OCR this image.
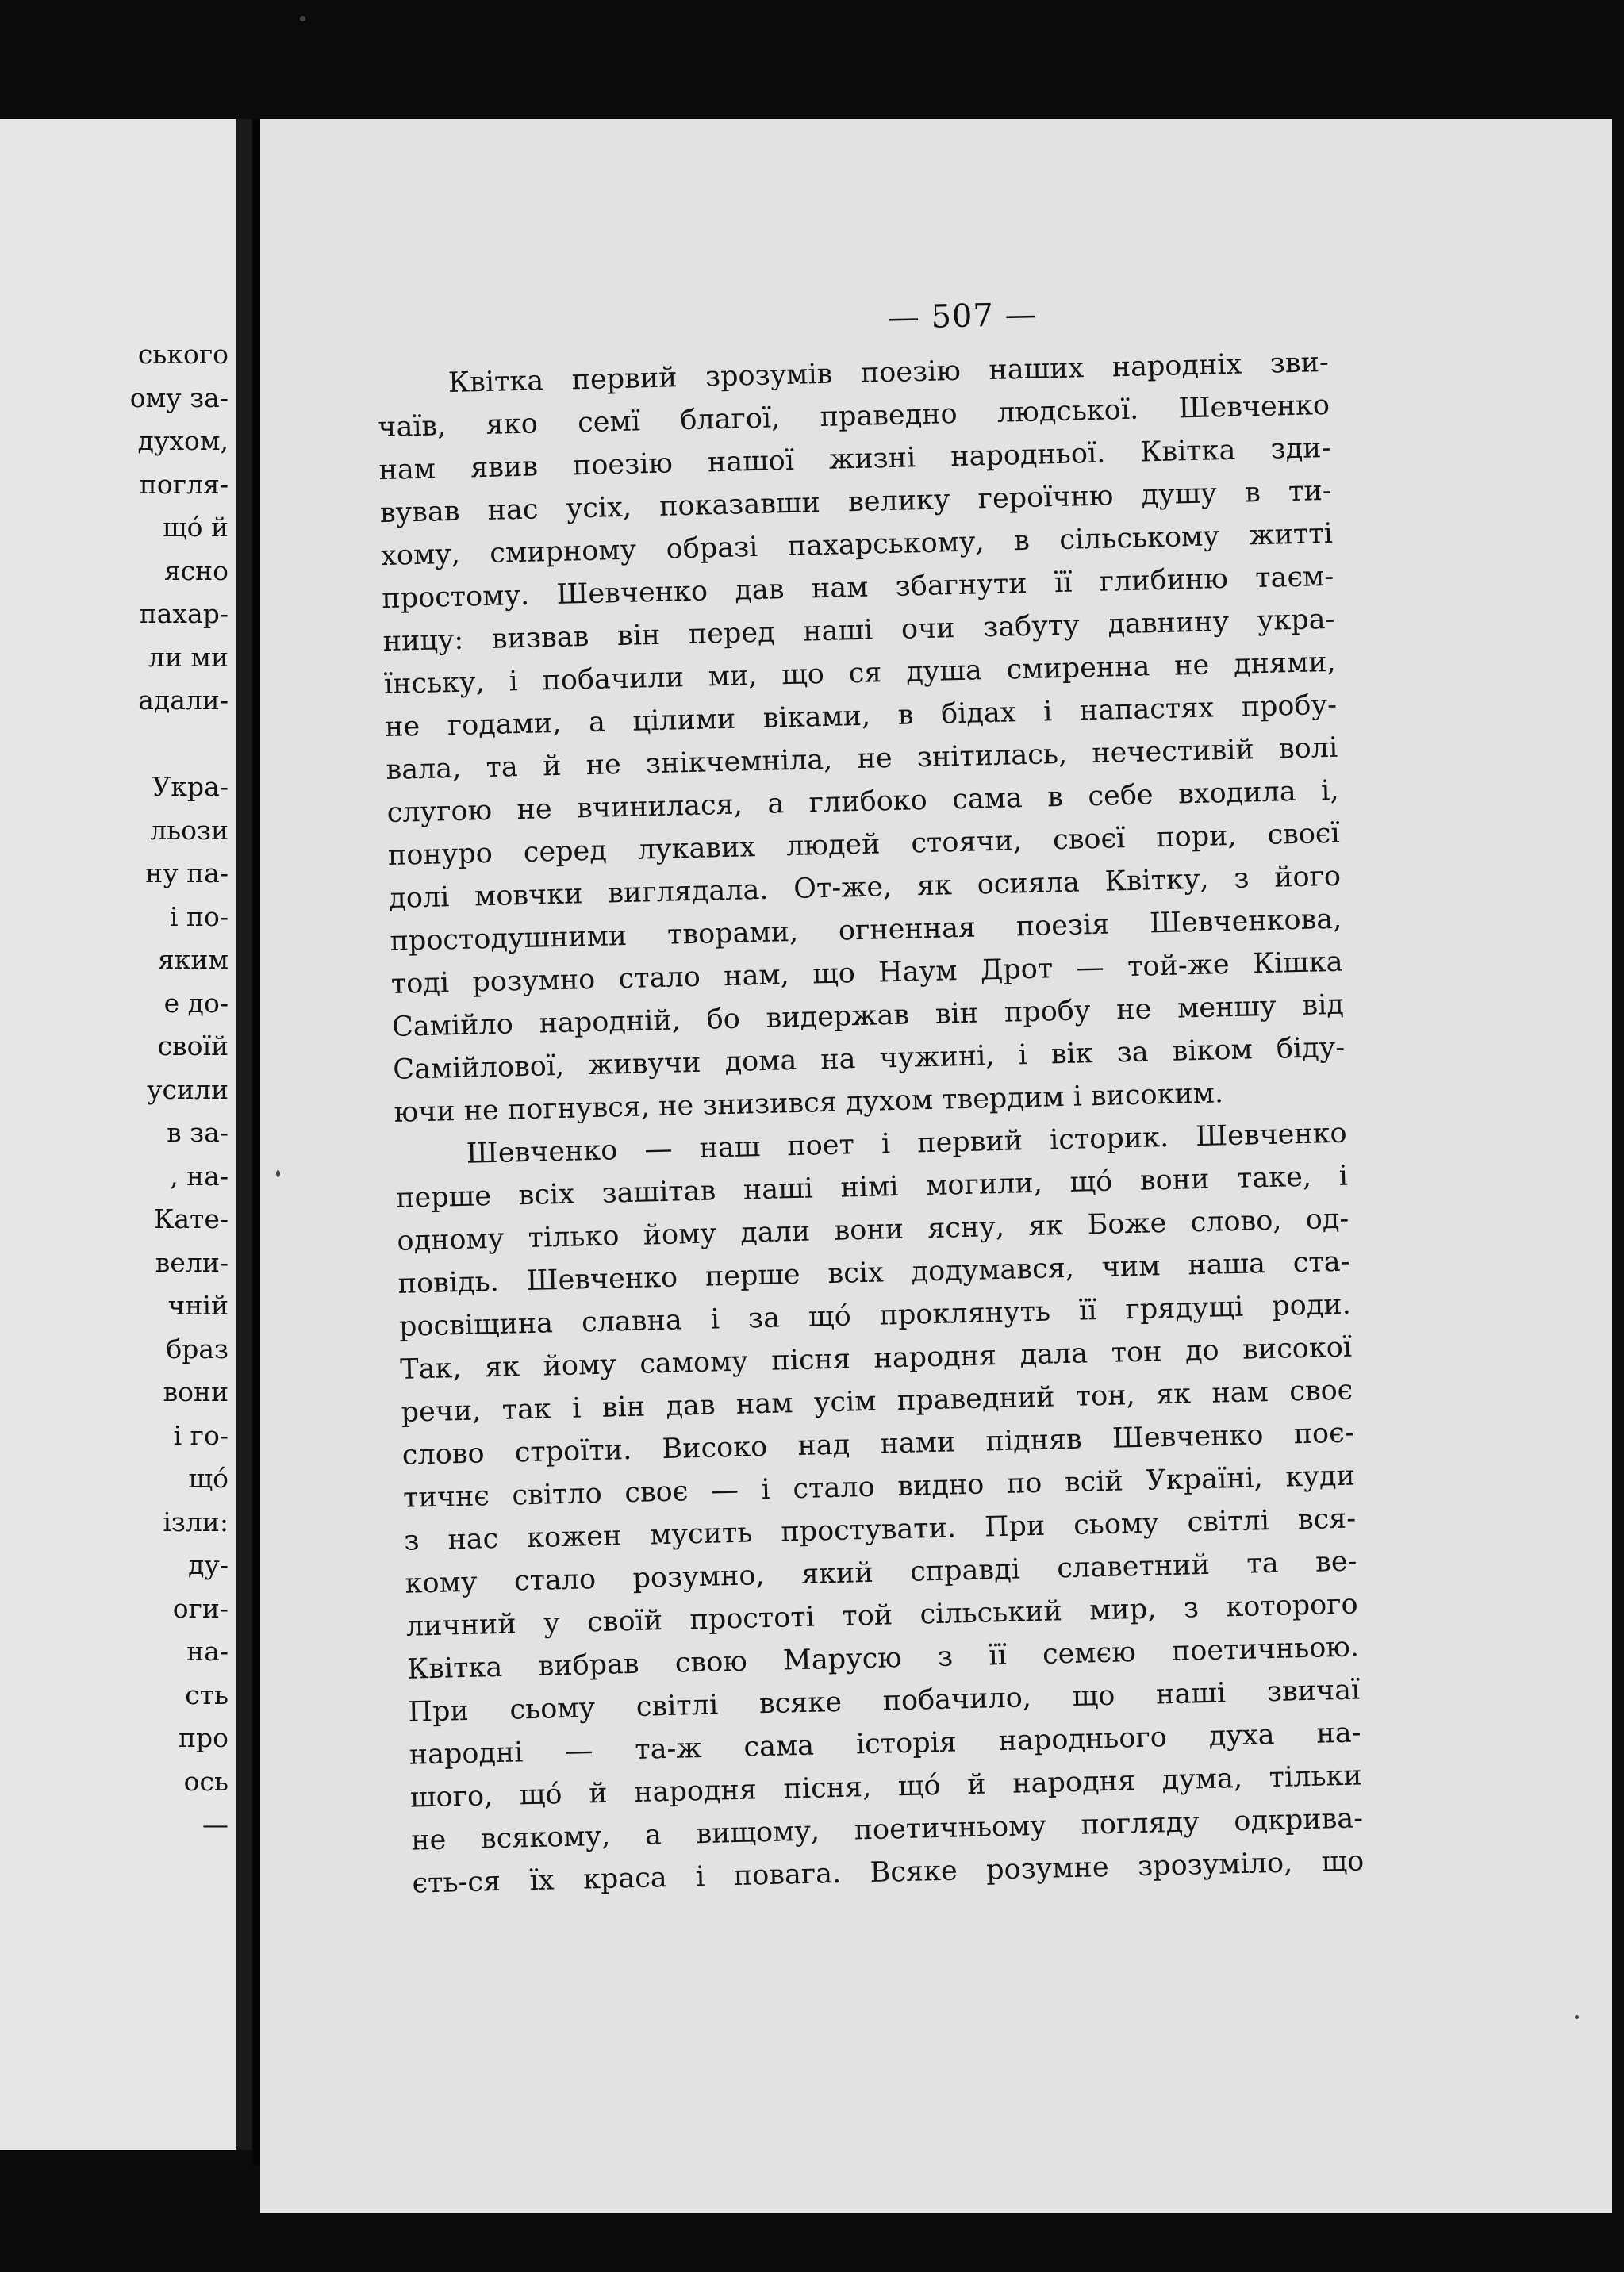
ського
ому за-
духом,
погля-
щó й
ясно
пахар-
ли ми
адали-
Укра-
льози
ну па-
і по-
яким
е до-
своїй
усили
в за-
, на-
Кате-
вели-
чній
браз
вони
і го-
щó
ізли:
ду-
оги-
на-
сть
про
ось
—
— 507 —
Квітка первий зрозумів поезію наших народніх зви-
чаїв, яко семї благої, праведно людської. Шевченко
нам явив поезію нашої жизні народньої. Квітка зди-
вував нас усіх, показавши велику героїчню душу в ти-
хому, смирному образі пахарському, в сільському житті
простому. Шевченко дав нам збагнути її глибиню таєм-
ницу: визвав він перед наші очи забуту давнину укра-
їнську, і побачили ми, що ся душа смиренна не днями,
не годами, а цілими віками, в бідах і напастях пробу-
вала, та й не знікчемніла, не знітилась, нечестивій волі
слугою не вчинилася, а глибоко сама в себе входила і,
понуро серед лукавих людей стоячи, своєї пори, своєї
долі мовчки виглядала. От-же, як осияла Квітку, з його
простодушними творами, огненная поезія Шевченкова,
тоді розумно стало нам, що Наум Дрот — той-же Кішка
Самійло народній, бо видержав він пробу не меншу від
Самійлової, живучи дома на чужині, і вік за віком біду-
ючи не погнувся, не знизився духом твердим і високим.
Шевченко — наш поет і первий історик. Шевченко
перше всіх зашітав наші німі могили, щó вони таке, і
одному тілько йому дали вони ясну, як Боже слово, од-
повідь. Шевченко перше всіх додумався, чим наша ста-
росвіщина славна і за щó проклянуть її грядущі роди.
Так, як йому самому пісня народня дала тон до високої
речи, так і він дав нам усім праведний тон, як нам своє
слово строїти. Високо над нами підняв Шевченко поє-
тичнє світло своє — і стало видно по всій Україні, куди
з нас кожен мусить простувати. При сьому світлі вся-
кому стало розумно, який справді славетний та ве-
личний у своїй простоті той сільський мир, з которого
Квітка вибрав свою Марусю з її семєю поетичньою.
При сьому світлі всяке побачило, що наші звичаї
народні — та-ж сама історія народнього духа на-
шого, щó й народня пісня, щó й народня дума, тільки
не всякому, а вищому, поетичньому погляду одкрива-
єть-ся їх краса і повага. Всяке розумне зрозуміло, що
